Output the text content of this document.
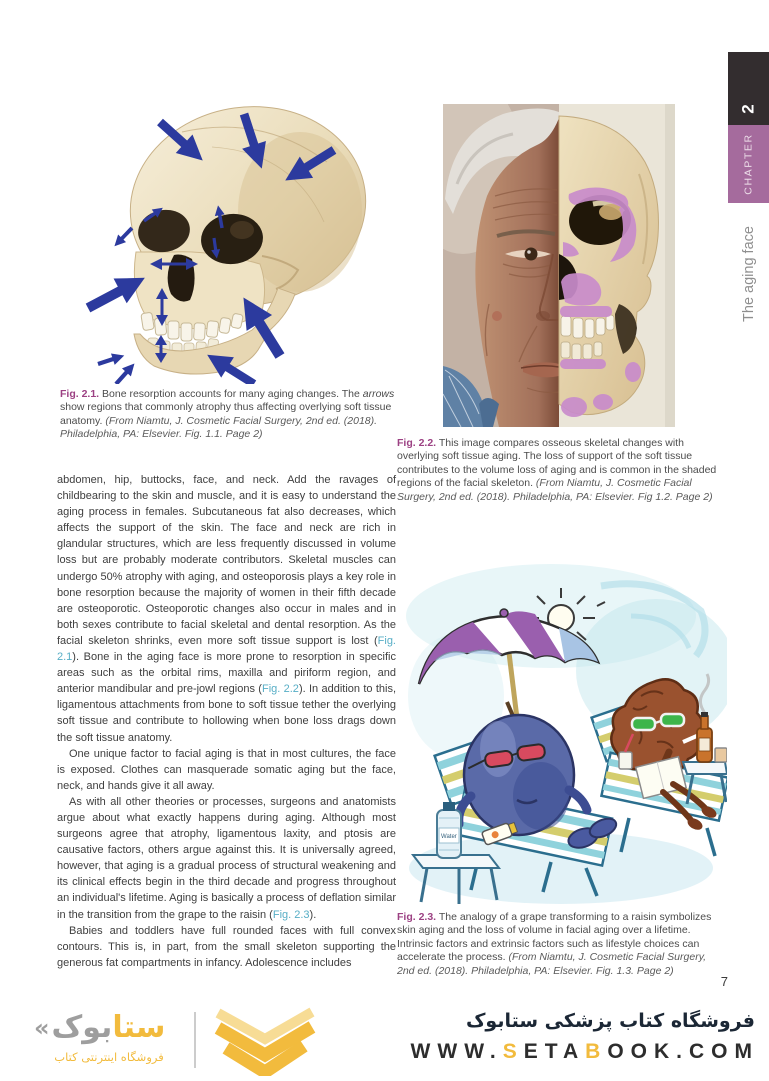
2
CHAPTER
The aging face
Water
Fig. 2.1. Bone resorption accounts for many aging changes. The arrows show regions that commonly atrophy thus affecting overlying soft tissue anatomy. (From Niamtu, J. Cosmetic Facial Surgery, 2nd ed. (2018). Philadelphia, PA: Elsevier. Fig. 1.1. Page 2)
Fig. 2.2. This image compares osseous skeletal changes with overlying soft tissue aging. The loss of support of the soft tissue contributes to the volume loss of aging and is common in the shaded regions of the facial skeleton. (From Niamtu, J. Cosmetic Facial Surgery, 2nd ed. (2018). Philadelphia, PA: Elsevier. Fig 1.2. Page 2)
Fig. 2.3. The analogy of a grape transforming to a raisin symbolizes skin aging and the loss of volume in facial aging over a lifetime. Intrinsic factors and extrinsic factors such as lifestyle choices can accelerate the process. (From Niamtu, J. Cosmetic Facial Surgery, 2nd ed. (2018). Philadelphia, PA: Elsevier. Fig. 1.3. Page 2)

abdomen, hip, buttocks, face, and neck. Add the ravages of childbearing to the skin and muscle, and it is easy to understand the aging process in females. Subcutaneous fat also decreases, which affects the support of the skin. The face and neck are rich in glandular structures, which are less frequently discussed in volume loss but are probably moderate contributors. Skeletal muscles can undergo 50% atrophy with aging, and osteoporosis plays a key role in bone resorption because the majority of women in their fifth decade are osteoporotic. Osteoporotic changes also occur in males and in both sexes contribute to facial skeletal and dental resorption. As the facial skeleton shrinks, even more soft tissue support is lost (Fig. 2.1). Bone in the aging face is more prone to resorption in specific areas such as the orbital rims, maxilla and piriform region, and anterior mandibular and pre-jowl regions (Fig. 2.2). In addition to this, ligamentous attachments from bone to soft tissue tether the overlying soft tissue and contribute to hollowing when bone loss drags down the soft tissue anatomy.

One unique factor to facial aging is that in most cultures, the face is exposed. Clothes can masquerade somatic aging but the face, neck, and hands give it all away.

As with all other theories or processes, surgeons and anatomists argue about what exactly happens during aging. Although most surgeons agree that atrophy, ligamentous laxity, and ptosis are causative factors, others argue against this. It is universally agreed, however, that aging is a gradual process of structural weakening and its clinical effects begin in the third decade and progress throughout an individual's lifetime. Aging is basically a process of deflation similar in the transition from the grape to the raisin (Fig. 2.3).

Babies and toddlers have full rounded faces with full convex contours. This is, in part, from the small skeleton supporting the generous fat compartments in infancy. Adolescence includes

7
فروشگاه کتاب پزشکی ستابوک
WWW.SETABOOK.COM
« بوک ستا
فروشگاه اینترنتی کتاب
